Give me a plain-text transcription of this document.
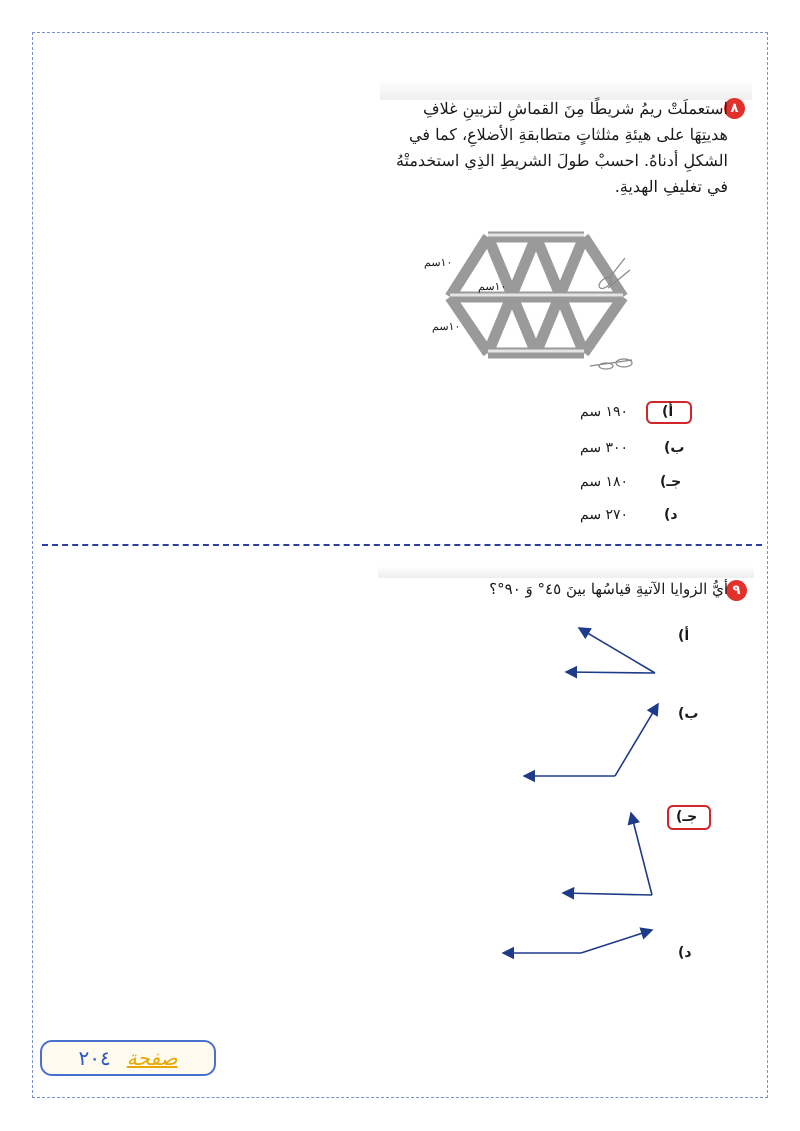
٨
استعملَتْ ريمُ شريطًا مِنَ القماشِ لتزيينِ غلافِ
هديتِهَا على هيئةِ مثلثاتٍ متطابقةِ الأضلاعِ، كما في
الشكلِ أدناهُ. احسبْ طولَ الشريطِ الذِي استخدمتْهُ
في تغليفِ الهديةِ.
١٠سم
١٠سم
١٠سم
أ)
١٩٠ سم
ب)
٣٠٠ سم
جـ)
١٨٠ سم
د)
٢٧٠ سم
٩
أيُّ الزوايا الآتيةِ قياسُها بينَ ٤٥° وَ ٩٠°؟
أ)
ب)
جـ)
د)
صفحة
٢٠٤
